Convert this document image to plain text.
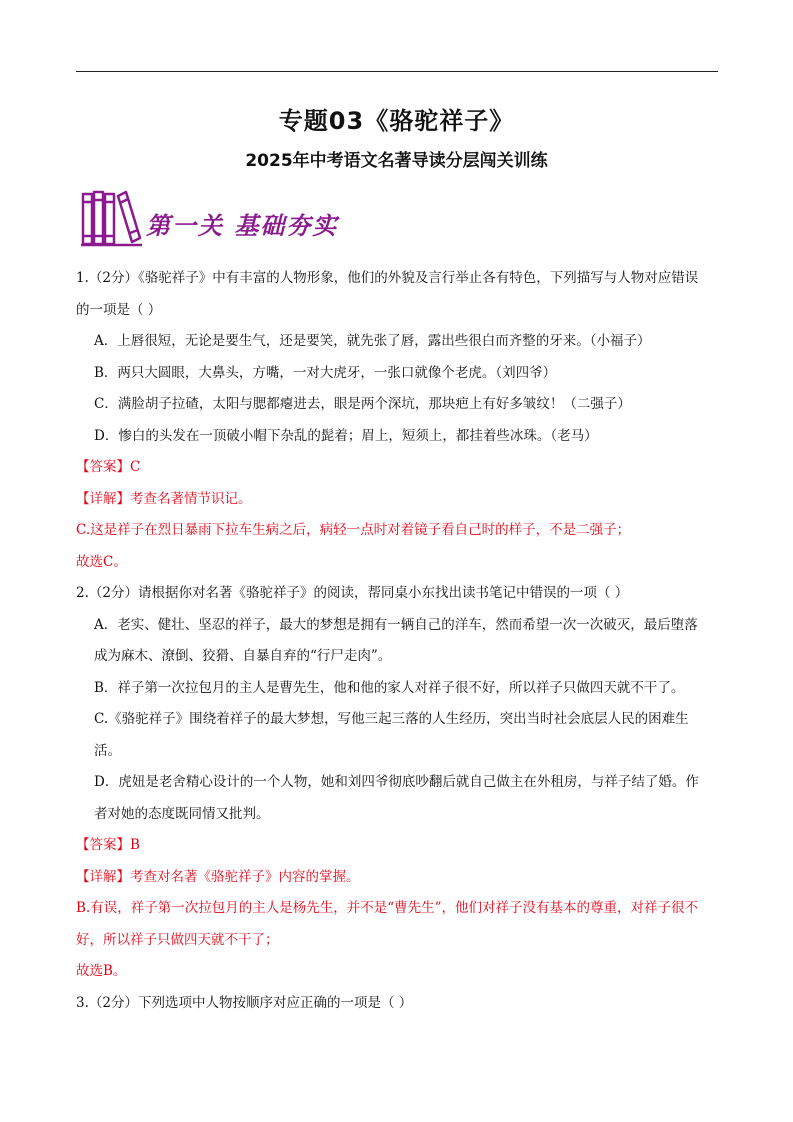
专题03《骆驼祥子》
2025年中考语文名著导读分层闯关训练
第一关 基础夯实
1.（2分）《骆驼祥子》中有丰富的人物形象，他们的外貌及言行举止各有特色，下列描写与人物对应错误
的一项是（ ）
A．上唇很短，无论是要生气，还是要笑，就先张了唇，露出些很白而齐整的牙来。（小福子）
B．两只大圆眼，大鼻头，方嘴，一对大虎牙，一张口就像个老虎。（刘四爷）
C．满脸胡子拉碴，太阳与腮都瘪进去，眼是两个深坑，那块疤上有好多皱纹！（二强子）
D．惨白的头发在一顶破小帽下杂乱的髭着；眉上，短须上，都挂着些冰珠。（老马）
【答案】C
【详解】考查名著情节识记。
C.这是祥子在烈日暴雨下拉车生病之后，病轻一点时对着镜子看自己时的样子，不是二强子；
故选C。
2.（2分）请根据你对名著《骆驼祥子》的阅读，帮同桌小东找出读书笔记中错误的一项（ ）
A．老实、健壮、坚忍的祥子，最大的梦想是拥有一辆自己的洋车，然而希望一次一次破灭，最后堕落
成为麻木、潦倒、狡猾、自暴自弃的“行尸走肉”。
B．祥子第一次拉包月的主人是曹先生，他和他的家人对祥子很不好，所以祥子只做四天就不干了。
C.《骆驼祥子》围绕着祥子的最大梦想，写他三起三落的人生经历，突出当时社会底层人民的困难生
活。
D．虎妞是老舍精心设计的一个人物，她和刘四爷彻底吵翻后就自己做主在外租房，与祥子结了婚。作
者对她的态度既同情又批判。
【答案】B
【详解】考查对名著《骆驼祥子》内容的掌握。
B.有误，祥子第一次拉包月的主人是杨先生，并不是“曹先生”，他们对祥子没有基本的尊重，对祥子很不
好，所以祥子只做四天就不干了；
故选B。
3.（2分）下列选项中人物按顺序对应正确的一项是（ ）
